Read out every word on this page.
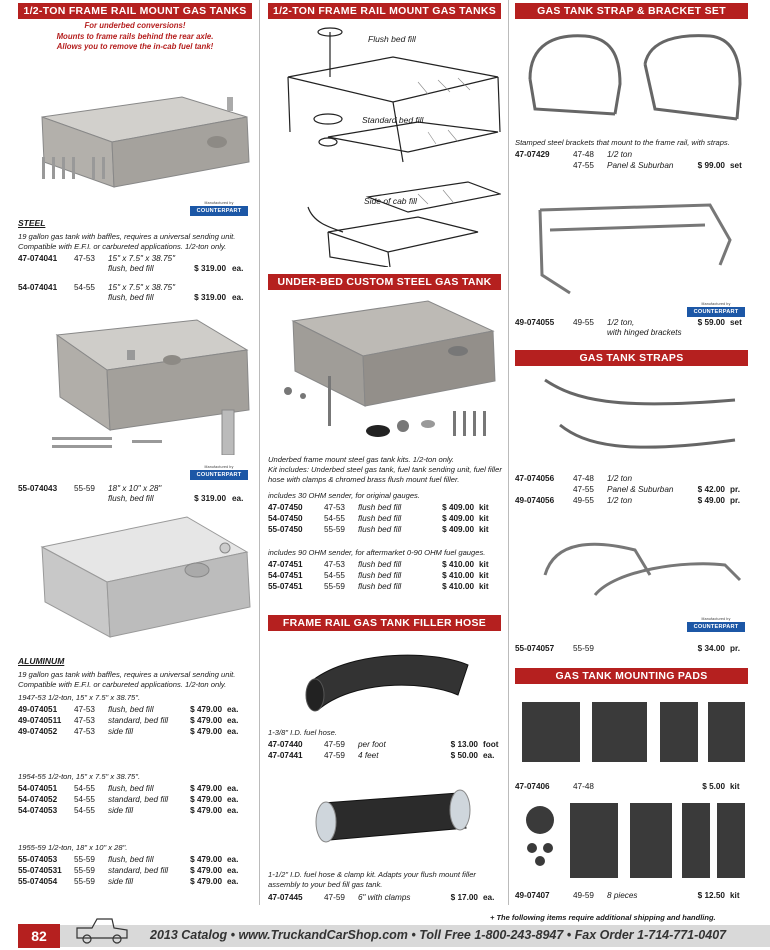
1/2-TON FRAME RAIL MOUNT GAS TANKS
For underbed conversions!
Mounts to frame rails behind the rear axle.
Allows you to remove the in-cab fuel tank!
Manufactured by COUNTERPART
STEEL
19 gallon gas tank with baffles, requires a universal sending unit.
Compatible with E.F.I. or carbureted applications. 1/2-ton only.
47-074041 47-53 15" x 7.5" x 38.75"
flush, bed fill	$ 319.00 ea.
54-074041 54-55 15" x 7.5" x 38.75"
flush, bed fill	$ 319.00 ea.
Manufactured by COUNTERPART
55-074043 55-59 18" x 10" x 28"
flush, bed fill	$ 319.00 ea.
ALUMINUM
19 gallon gas tank with baffles, requires a universal sending unit.
Compatible with E.F.I. or carbureted applications. 1/2-ton only.
1947-53 1/2-ton, 15" x 7.5" x 38.75".
49-074051 47-53 flush, bed fill	$ 479.00 ea.
49-0740511 47-53 standard, bed fill	$ 479.00 ea.
49-074052 47-53 side fill	$ 479.00 ea.
1954-55 1/2-ton, 15" x 7.5" x 38.75".
54-074051 54-55 flush, bed fill	$ 479.00 ea.
54-074052 54-55 standard, bed fill	$ 479.00 ea.
54-074053 54-55 side fill	$ 479.00 ea.
1955-59 1/2-ton, 18" x 10" x 28".
55-074053 55-59 flush, bed fill	$ 479.00 ea.
55-0740531 55-59 standard, bed fill	$ 479.00 ea.
55-074054 55-59 side fill	$ 479.00 ea.
1/2-TON FRAME RAIL MOUNT GAS TANKS
Flush bed fill
Standard bed fill
Side of cab fill
UNDER-BED CUSTOM STEEL GAS TANK KIT
Underbed frame mount steel gas tank kits. 1/2-ton only.
Kit includes: Underbed steel gas tank, fuel tank sending unit, fuel filler
hose with clamps & chromed brass flush mount fuel filler.
includes 30 OHM sender, for original gauges.
47-07450	47-53 flush bed fill	$ 409.00 kit
54-07450	54-55 flush bed fill	$ 409.00 kit
55-07450	55-59 flush bed fill	$ 409.00 kit
includes 90 OHM sender, for aftermarket 0-90 OHM fuel gauges.
47-07451	47-53 flush bed fill	$ 410.00 kit
54-07451	54-55 flush bed fill	$ 410.00 kit
55-07451	55-59 flush bed fill	$ 410.00 kit
FRAME RAIL GAS TANK FILLER HOSE
1-3/8" I.D. fuel hose.
47-07440	47-59 per foot	$ 13.00 foot
47-07441	47-59 4 feet	$ 50.00 ea.
1-1/2" I.D. fuel hose & clamp kit. Adapts your flush mount filler
assembly to your bed fill gas tank.
47-07445	47-59 6" with clamps	$ 17.00 ea.
GAS TANK STRAP & BRACKET SET
Stamped steel brackets that mount to the frame rail, with straps.
47-07429	47-48 1/2 ton
47-55 Panel & Suburban	$ 99.00 set
Manufactured by COUNTERPART
49-074055 49-55 1/2 ton,	$ 59.00 set
with hinged brackets
GAS TANK STRAPS
47-074056 47-48 1/2 ton
47-55 Panel & Suburban	$ 42.00 pr.
49-074056 49-55 1/2 ton	$ 49.00 pr.
Manufactured by COUNTERPART
55-074057 55-59	$ 34.00 pr.
GAS TANK MOUNTING PADS
47-07406	47-48	$ 5.00 kit
49-07407	49-59 8 pieces	$ 12.50 kit
+ The following items require additional shipping and handling.
82	2013 Catalog • www.TruckandCarShop.com • Toll Free 1-800-243-8947 • Fax Order 1-714-771-0407
